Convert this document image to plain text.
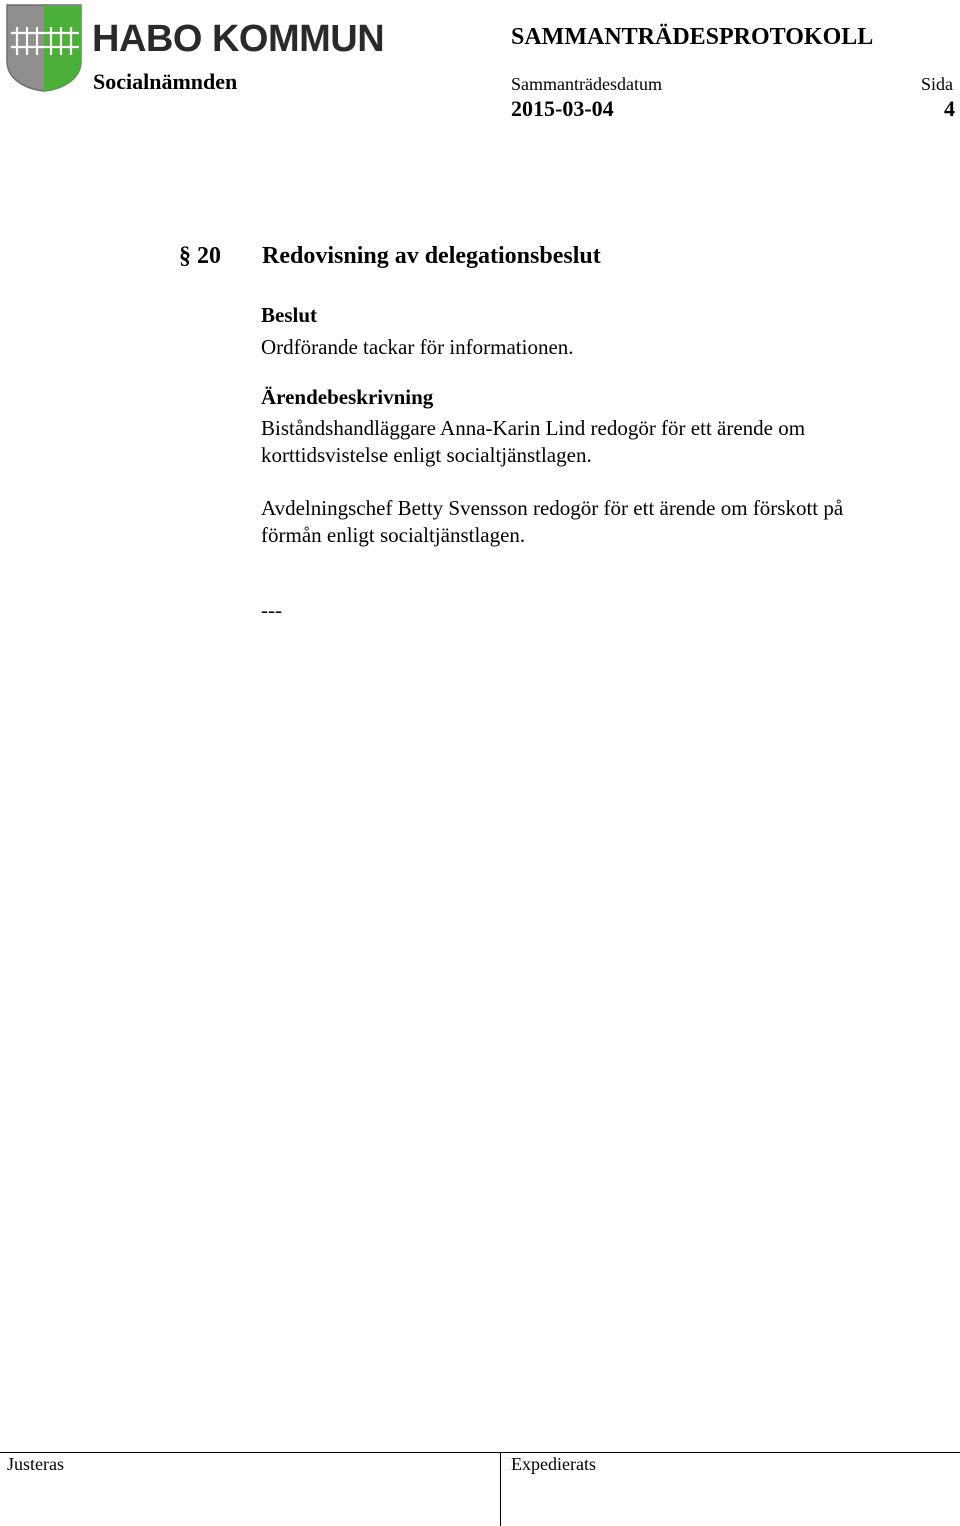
HABO KOMMUN	SAMMANTRÄDESPROTOKOLL
Socialnämnden	Sammanträdesdatum	Sida
2015-03-04	4
§ 20 Redovisning av delegationsbeslut
Beslut
Ordförande tackar för informationen.
Ärendebeskrivning
Biståndshandläggare Anna-Karin Lind redogör för ett ärende om
korttidsvistelse enligt socialtjänstlagen.
Avdelningschef Betty Svensson redogör för ett ärende om förskott på
förmån enligt socialtjänstlagen.
---
Justeras	Expedierats
